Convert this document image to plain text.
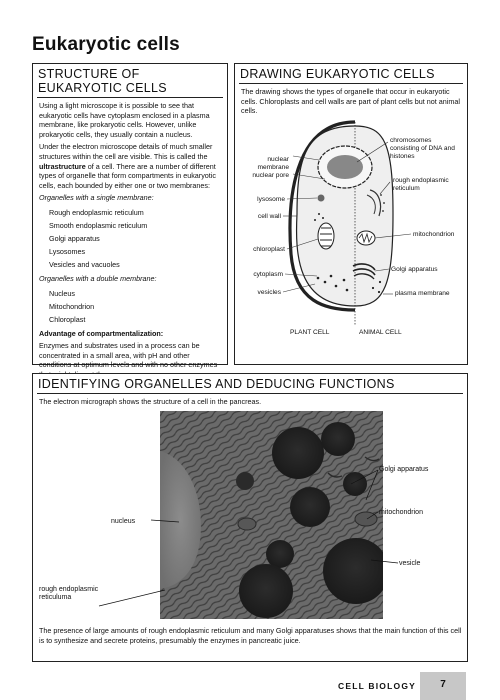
Eukaryotic cells
STRUCTURE OF EUKARYOTIC CELLS
Using a light microscope it is possible to see that eukaryotic cells have cytoplasm enclosed in a plasma membrane, like prokaryotic cells. However, unlike prokaryotic cells, they usually contain a nucleus.
Under the electron microscope details of much smaller structures within the cell are visible. This is called the ultrastructure of a cell. There are a number of different types of organelle that form compartments in eukaryotic cells, each bounded by either one or two membranes:
Organelles with a single membrane:
Rough endoplasmic reticulum
Smooth endoplasmic reticulum
Golgi apparatus
Lysosomes
Vesicles and vacuoles
Organelles with a double membrane:
Nucleus
Mitochondrion
Chloroplast
Advantage of compartmentalization:
Enzymes and substrates used in a process can be concentrated in a small area, with pH and other conditions at optimum levels and with no other enzymes
DRAWING EUKARYOTIC CELLS
The drawing shows the types of organelle that occur in eukaryotic cells. Chloroplasts and cell walls are part of plant cells but not animal cells.
nuclear membrane
nuclear pore
lysosome
cell wall
chloroplast
cytoplasm
vesicles
chromosomes consisting of DNA and histones
rough endoplasmic reticulum
mitochondrion
Golgi apparatus
plasma membrane
PLANT CELL	ANIMAL CELL
IDENTIFYING ORGANELLES AND DEDUCING FUNCTIONS
The electron micrograph shows the structure of a cell in the pancreas.
nucleus
rough endoplasmic reticuluma
Golgi apparatus
mitochondrion
vesicle
The presence of large amounts of rough endoplasmic reticulum and many Golgi apparatuses shows that the main function of this cell is to synthesize and secrete proteins, presumably the enzymes in pancreatic juice.
CELL BIOLOGY	7
